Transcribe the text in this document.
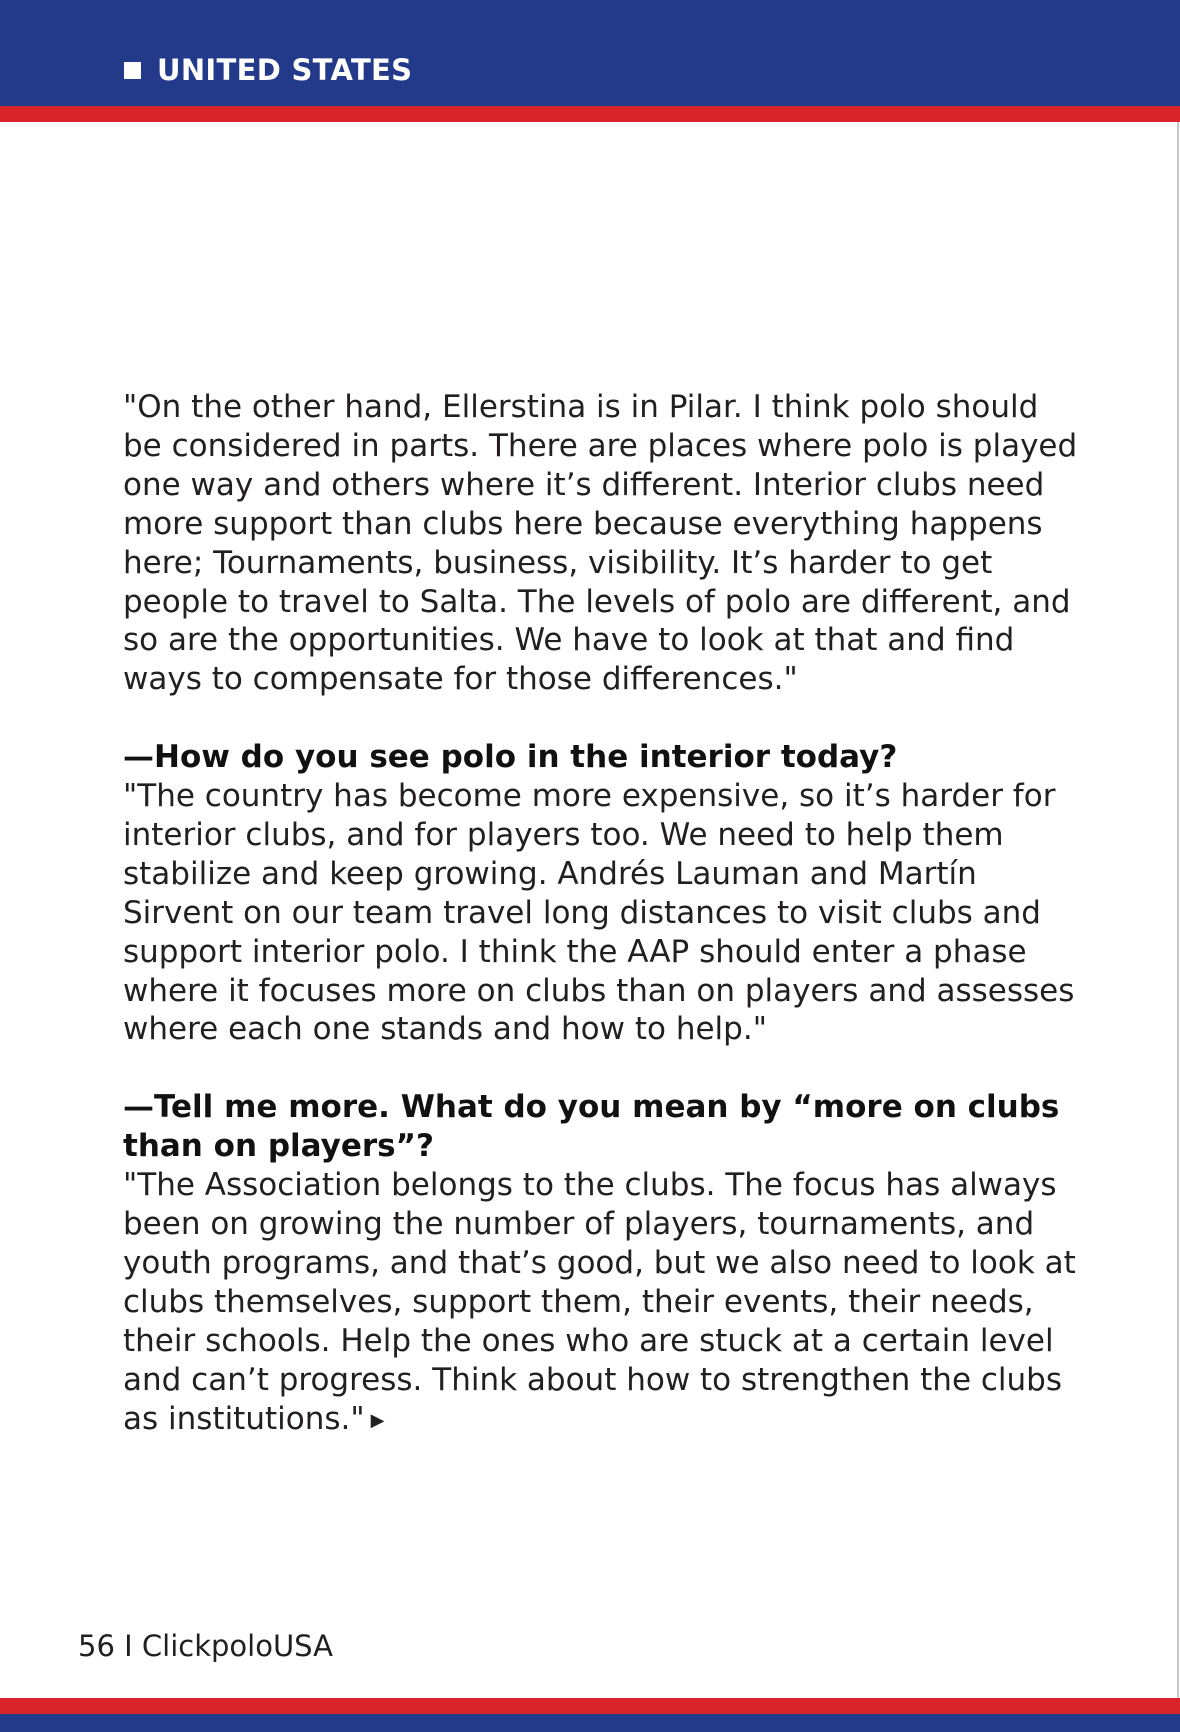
UNITED STATES

"On the other hand, Ellerstina is in Pilar. I think polo should be considered in parts. There are places where polo is played one way and others where it’s different. Interior clubs need more support than clubs here because everything happens here; Tournaments, business, visibility. It’s harder to get people to travel to Salta. The levels of polo are different, and so are the opportunities. We have to look at that and find ways to compensate for those differences."

—How do you see polo in the interior today?
"The country has become more expensive, so it’s harder for interior clubs, and for players too. We need to help them stabilize and keep growing. Andrés Lauman and Martín Sirvent on our team travel long distances to visit clubs and support interior polo. I think the AAP should enter a phase where it focuses more on clubs than on players and assesses where each one stands and how to help."

—Tell me more. What do you mean by “more on clubs than on players”?
"The Association belongs to the clubs. The focus has always been on growing the number of players, tournaments, and youth programs, and that’s good, but we also need to look at clubs themselves, support them, their events, their needs, their schools. Help the ones who are stuck at a certain level and can’t progress. Think about how to strengthen the clubs as institutions." ▶

56 I ClickpoloUSA
